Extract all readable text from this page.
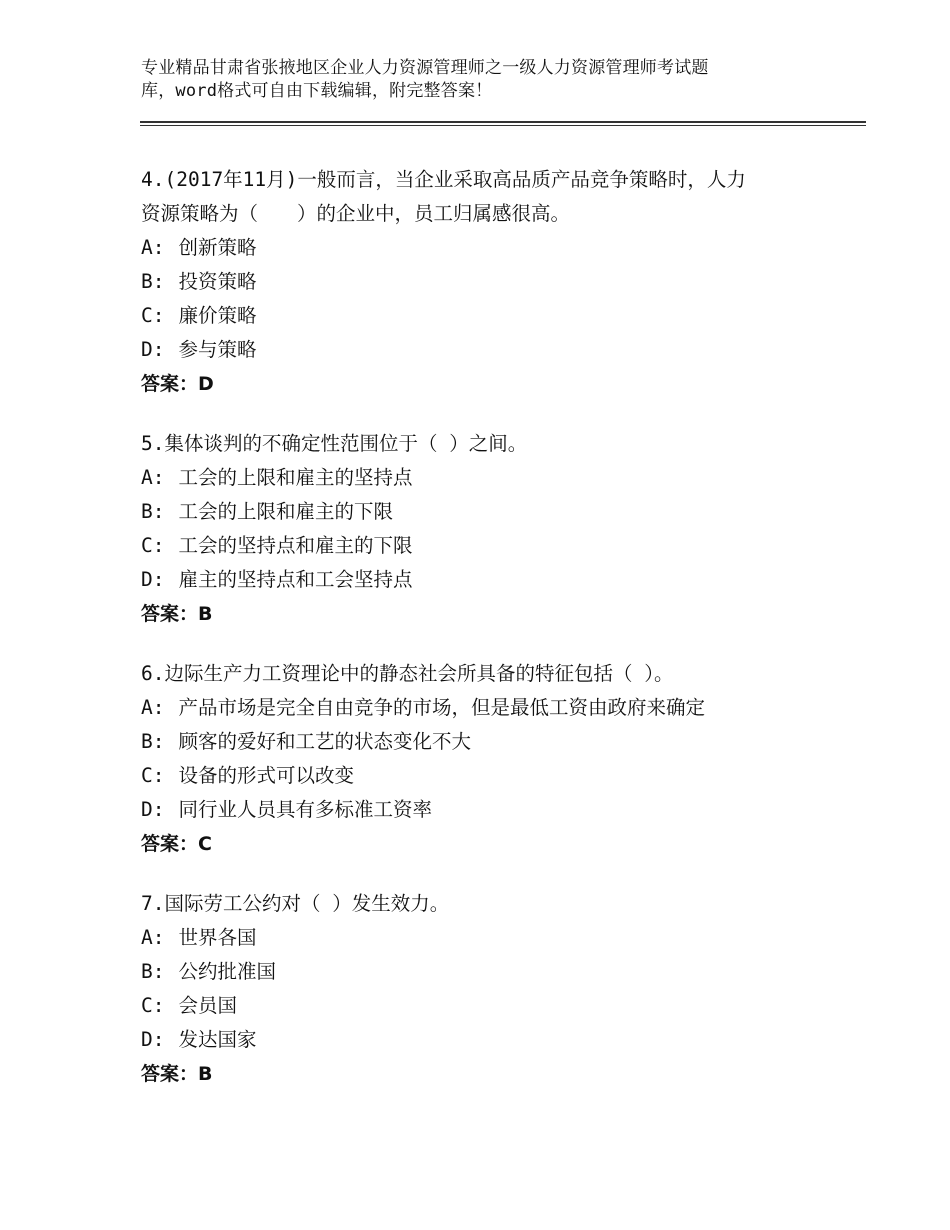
专业精品甘肃省张掖地区企业人力资源管理师之一级人力资源管理师考试题
库，word格式可自由下载编辑，附完整答案！

4.(2017年11月)一般而言，当企业采取高品质产品竞争策略时，人力

资源策略为（　　）的企业中，员工归属感很高。

A: 创新策略

B: 投资策略

C: 廉价策略

D: 参与策略

答案：D

5.集体谈判的不确定性范围位于（ ）之间。

A: 工会的上限和雇主的坚持点

B: 工会的上限和雇主的下限

C: 工会的坚持点和雇主的下限

D: 雇主的坚持点和工会坚持点

答案：B

6.边际生产力工资理论中的静态社会所具备的特征包括（ ）。

A: 产品市场是完全自由竞争的市场，但是最低工资由政府来确定

B: 顾客的爱好和工艺的状态变化不大

C: 设备的形式可以改变

D: 同行业人员具有多标准工资率

答案：C

7.国际劳工公约对（ ）发生效力。

A: 世界各国

B: 公约批准国

C: 会员国

D: 发达国家

答案：B
